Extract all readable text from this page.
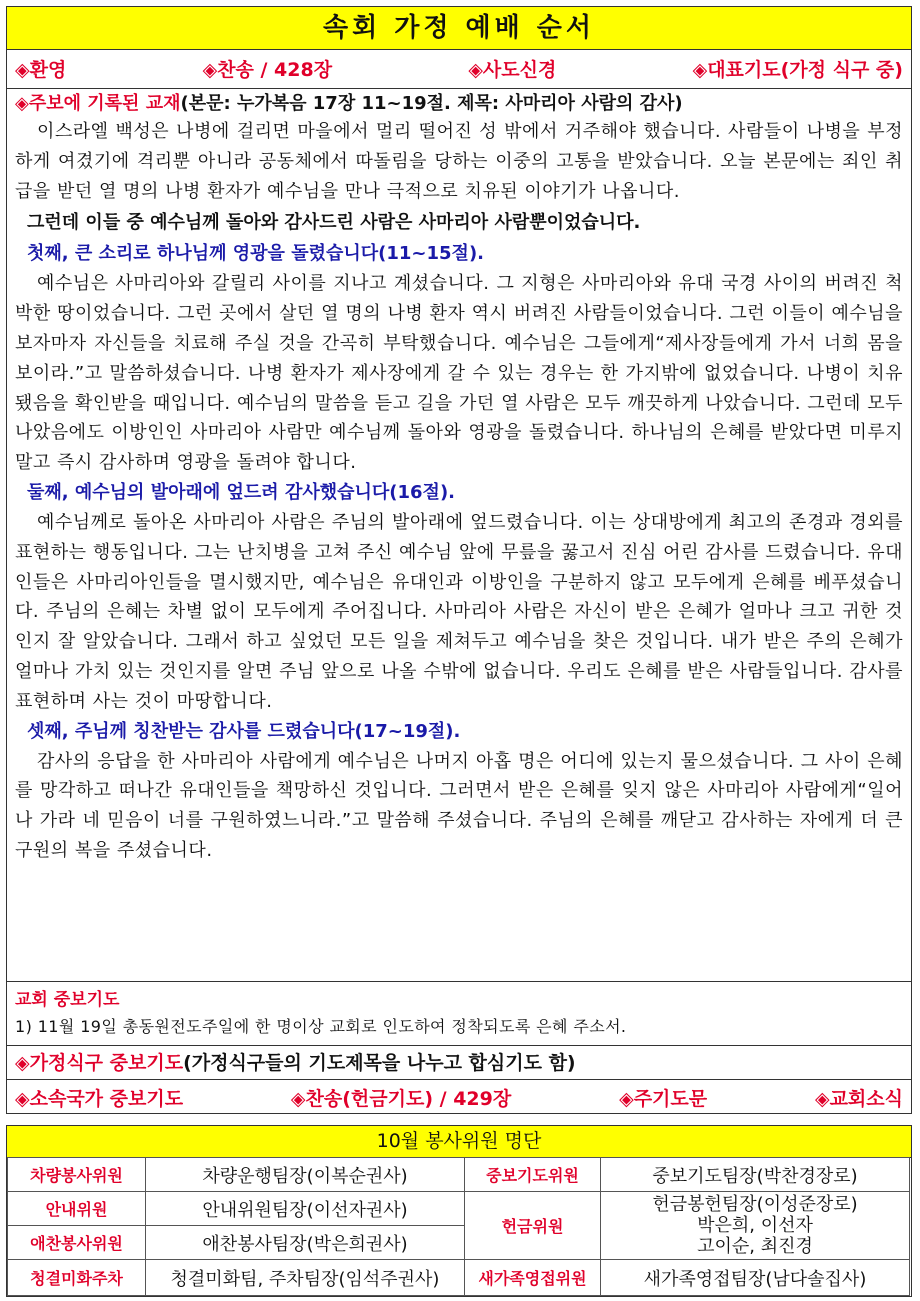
속회 가정 예배 순서
◈환영	◈찬송 / 428장	◈사도신경	◈대표기도(가정 식구 중)
◈주보에 기록된 교재(본문: 누가복음 17장 11~19절. 제목: 사마리아 사람의 감사)

이스라엘 백성은 나병에 걸리면 마을에서 멀리 떨어진 성 밖에서 거주해야 했습니다. 사람들이 나병을 부정하게 여겼기에 격리뿐 아니라 공동체에서 따돌림을 당하는 이중의 고통을 받았습니다. 오늘 본문에는 죄인 취급을 받던 열 명의 나병 환자가 예수님을 만나 극적으로 치유된 이야기가 나옵니다.

그런데 이들 중 예수님께 돌아와 감사드린 사람은 사마리아 사람뿐이었습니다.

첫째, 큰 소리로 하나님께 영광을 돌렸습니다(11~15절).

예수님은 사마리아와 갈릴리 사이를 지나고 계셨습니다. 그 지형은 사마리아와 유대 국경 사이의 버려진 척박한 땅이었습니다. 그런 곳에서 살던 열 명의 나병 환자 역시 버려진 사람들이었습니다. 그런 이들이 예수님을 보자마자 자신들을 치료해 주실 것을 간곡히 부탁했습니다. 예수님은 그들에게“제사장들에게 가서 너희 몸을 보이라.”고 말씀하셨습니다. 나병 환자가 제사장에게 갈 수 있는 경우는 한 가지밖에 없었습니다. 나병이 치유됐음을 확인받을 때입니다. 예수님의 말씀을 듣고 길을 가던 열 사람은 모두 깨끗하게 나았습니다. 그런데 모두 나았음에도 이방인인 사마리아 사람만 예수님께 돌아와 영광을 돌렸습니다. 하나님의 은혜를 받았다면 미루지 말고 즉시 감사하며 영광을 돌려야 합니다.

둘째, 예수님의 발아래에 엎드려 감사했습니다(16절).

예수님께로 돌아온 사마리아 사람은 주님의 발아래에 엎드렸습니다. 이는 상대방에게 최고의 존경과 경외를 표현하는 행동입니다. 그는 난치병을 고쳐 주신 예수님 앞에 무릎을 꿇고서 진심 어린 감사를 드렸습니다. 유대인들은 사마리아인들을 멸시했지만, 예수님은 유대인과 이방인을 구분하지 않고 모두에게 은혜를 베푸셨습니다. 주님의 은혜는 차별 없이 모두에게 주어집니다. 사마리아 사람은 자신이 받은 은혜가 얼마나 크고 귀한 것인지 잘 알았습니다. 그래서 하고 싶었던 모든 일을 제쳐두고 예수님을 찾은 것입니다. 내가 받은 주의 은혜가 얼마나 가치 있는 것인지를 알면 주님 앞으로 나올 수밖에 없습니다. 우리도 은혜를 받은 사람들입니다. 감사를 표현하며 사는 것이 마땅합니다.

셋째, 주님께 칭찬받는 감사를 드렸습니다(17~19절).

감사의 응답을 한 사마리아 사람에게 예수님은 나머지 아홉 명은 어디에 있는지 물으셨습니다. 그 사이 은혜를 망각하고 떠나간 유대인들을 책망하신 것입니다. 그러면서 받은 은혜를 잊지 않은 사마리아 사람에게“일어나 가라 네 믿음이 너를 구원하였느니라.”고 말씀해 주셨습니다. 주님의 은혜를 깨닫고 감사하는 자에게 더 큰 구원의 복을 주셨습니다.

교회 중보기도
1) 11월 19일 총동원전도주일에 한 명이상 교회로 인도하여 정착되도록 은혜 주소서.
◈가정식구 중보기도(가정식구들의 기도제목을 나누고 합심기도 함)
◈소속국가 중보기도	◈찬송(헌금기도) / 429장	◈주기도문	◈교회소식
10월 봉사위원 명단
차량봉사위원	차량운행팀장(이복순권사)	중보기도위원	중보기도팀장(박찬경장로)
안내위원	안내위원팀장(이선자권사)	헌금위원	헌금봉헌팀장(이성준장로)
박은희, 이선자
고이순, 최진경

애찬봉사위원	애찬봉사팀장(박은희권사)		
청결미화주차	청결미화팀, 주차팀장(임석주권사)	새가족영접위원	새가족영접팀장(남다솔집사)
